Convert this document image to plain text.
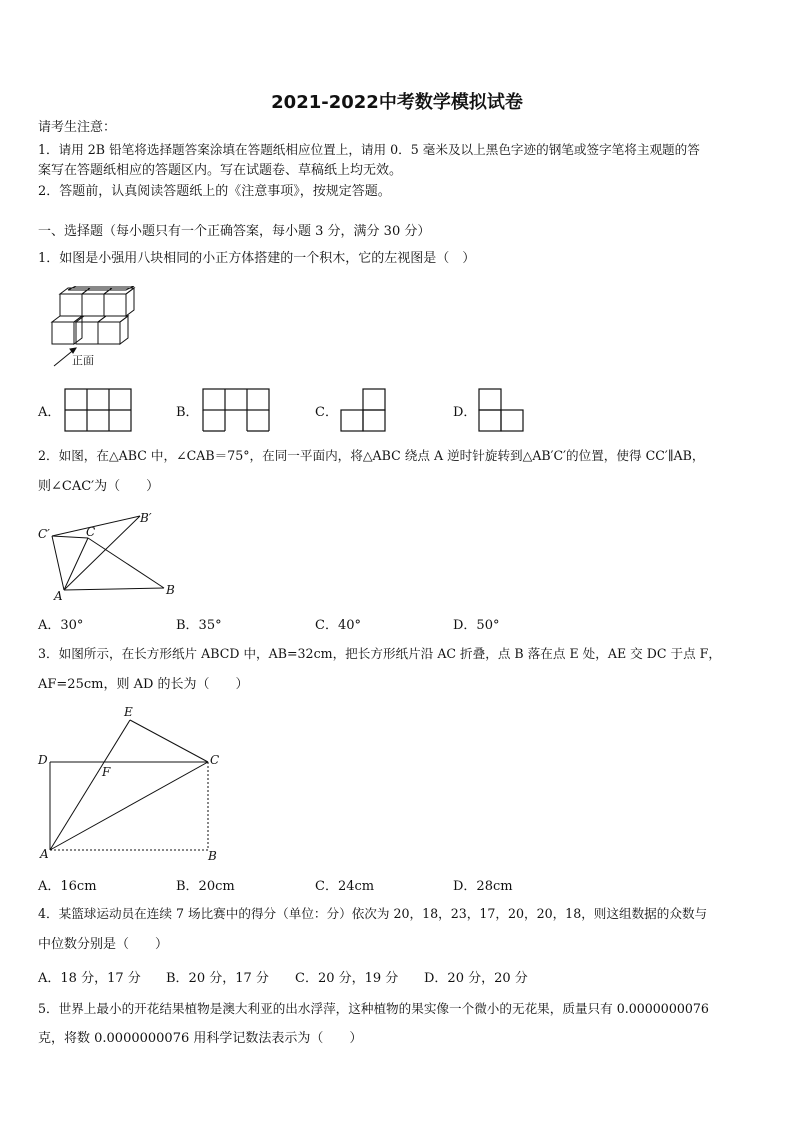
2021-2022中考数学模拟试卷
请考生注意：
1．请用 2B 铅笔将选择题答案涂填在答题纸相应位置上，请用 0．5 毫米及以上黑色字迹的钢笔或签字笔将主观题的答
案写在答题纸相应的答题区内。写在试题卷、草稿纸上均无效。
2．答题前，认真阅读答题纸上的《注意事项》，按规定答题。
一、选择题（每小题只有一个正确答案，每小题 3 分，满分 30 分）
1．如图是小强用八块相同的小正方体搭建的一个积木，它的左视图是（　）
正面
A．	B．	C．	D．
2．如图，在△ABC 中，∠CAB＝75°，在同一平面内，将△ABC 绕点 A 逆时针旋转到△AB′C′的位置，使得 CC′∥AB，
则∠CAC′为（　　）
C′
B′
C
A	B
A．30°	B．35°	C．40°	D．50°
3．如图所示，在长方形纸片 ABCD 中，AB=32cm，把长方形纸片沿 AC 折叠，点 B 落在点 E 处，AE 交 DC 于点 F，
AF=25cm，则 AD 的长为（　　）
E
D
F
C
A	B
A．16cm	B．20cm	C．24cm	D．28cm
4．某篮球运动员在连续 7 场比赛中的得分（单位：分）依次为 20，18，23，17，20，20，18，则这组数据的众数与
中位数分别是（　　）
A．18 分，17 分 B．20 分，17 分 C．20 分，19 分 D．20 分，20 分
5．世界上最小的开花结果植物是澳大利亚的出水浮萍，这种植物的果实像一个微小的无花果，质量只有 0.0000000076
克，将数 0.0000000076 用科学记数法表示为（　　）
